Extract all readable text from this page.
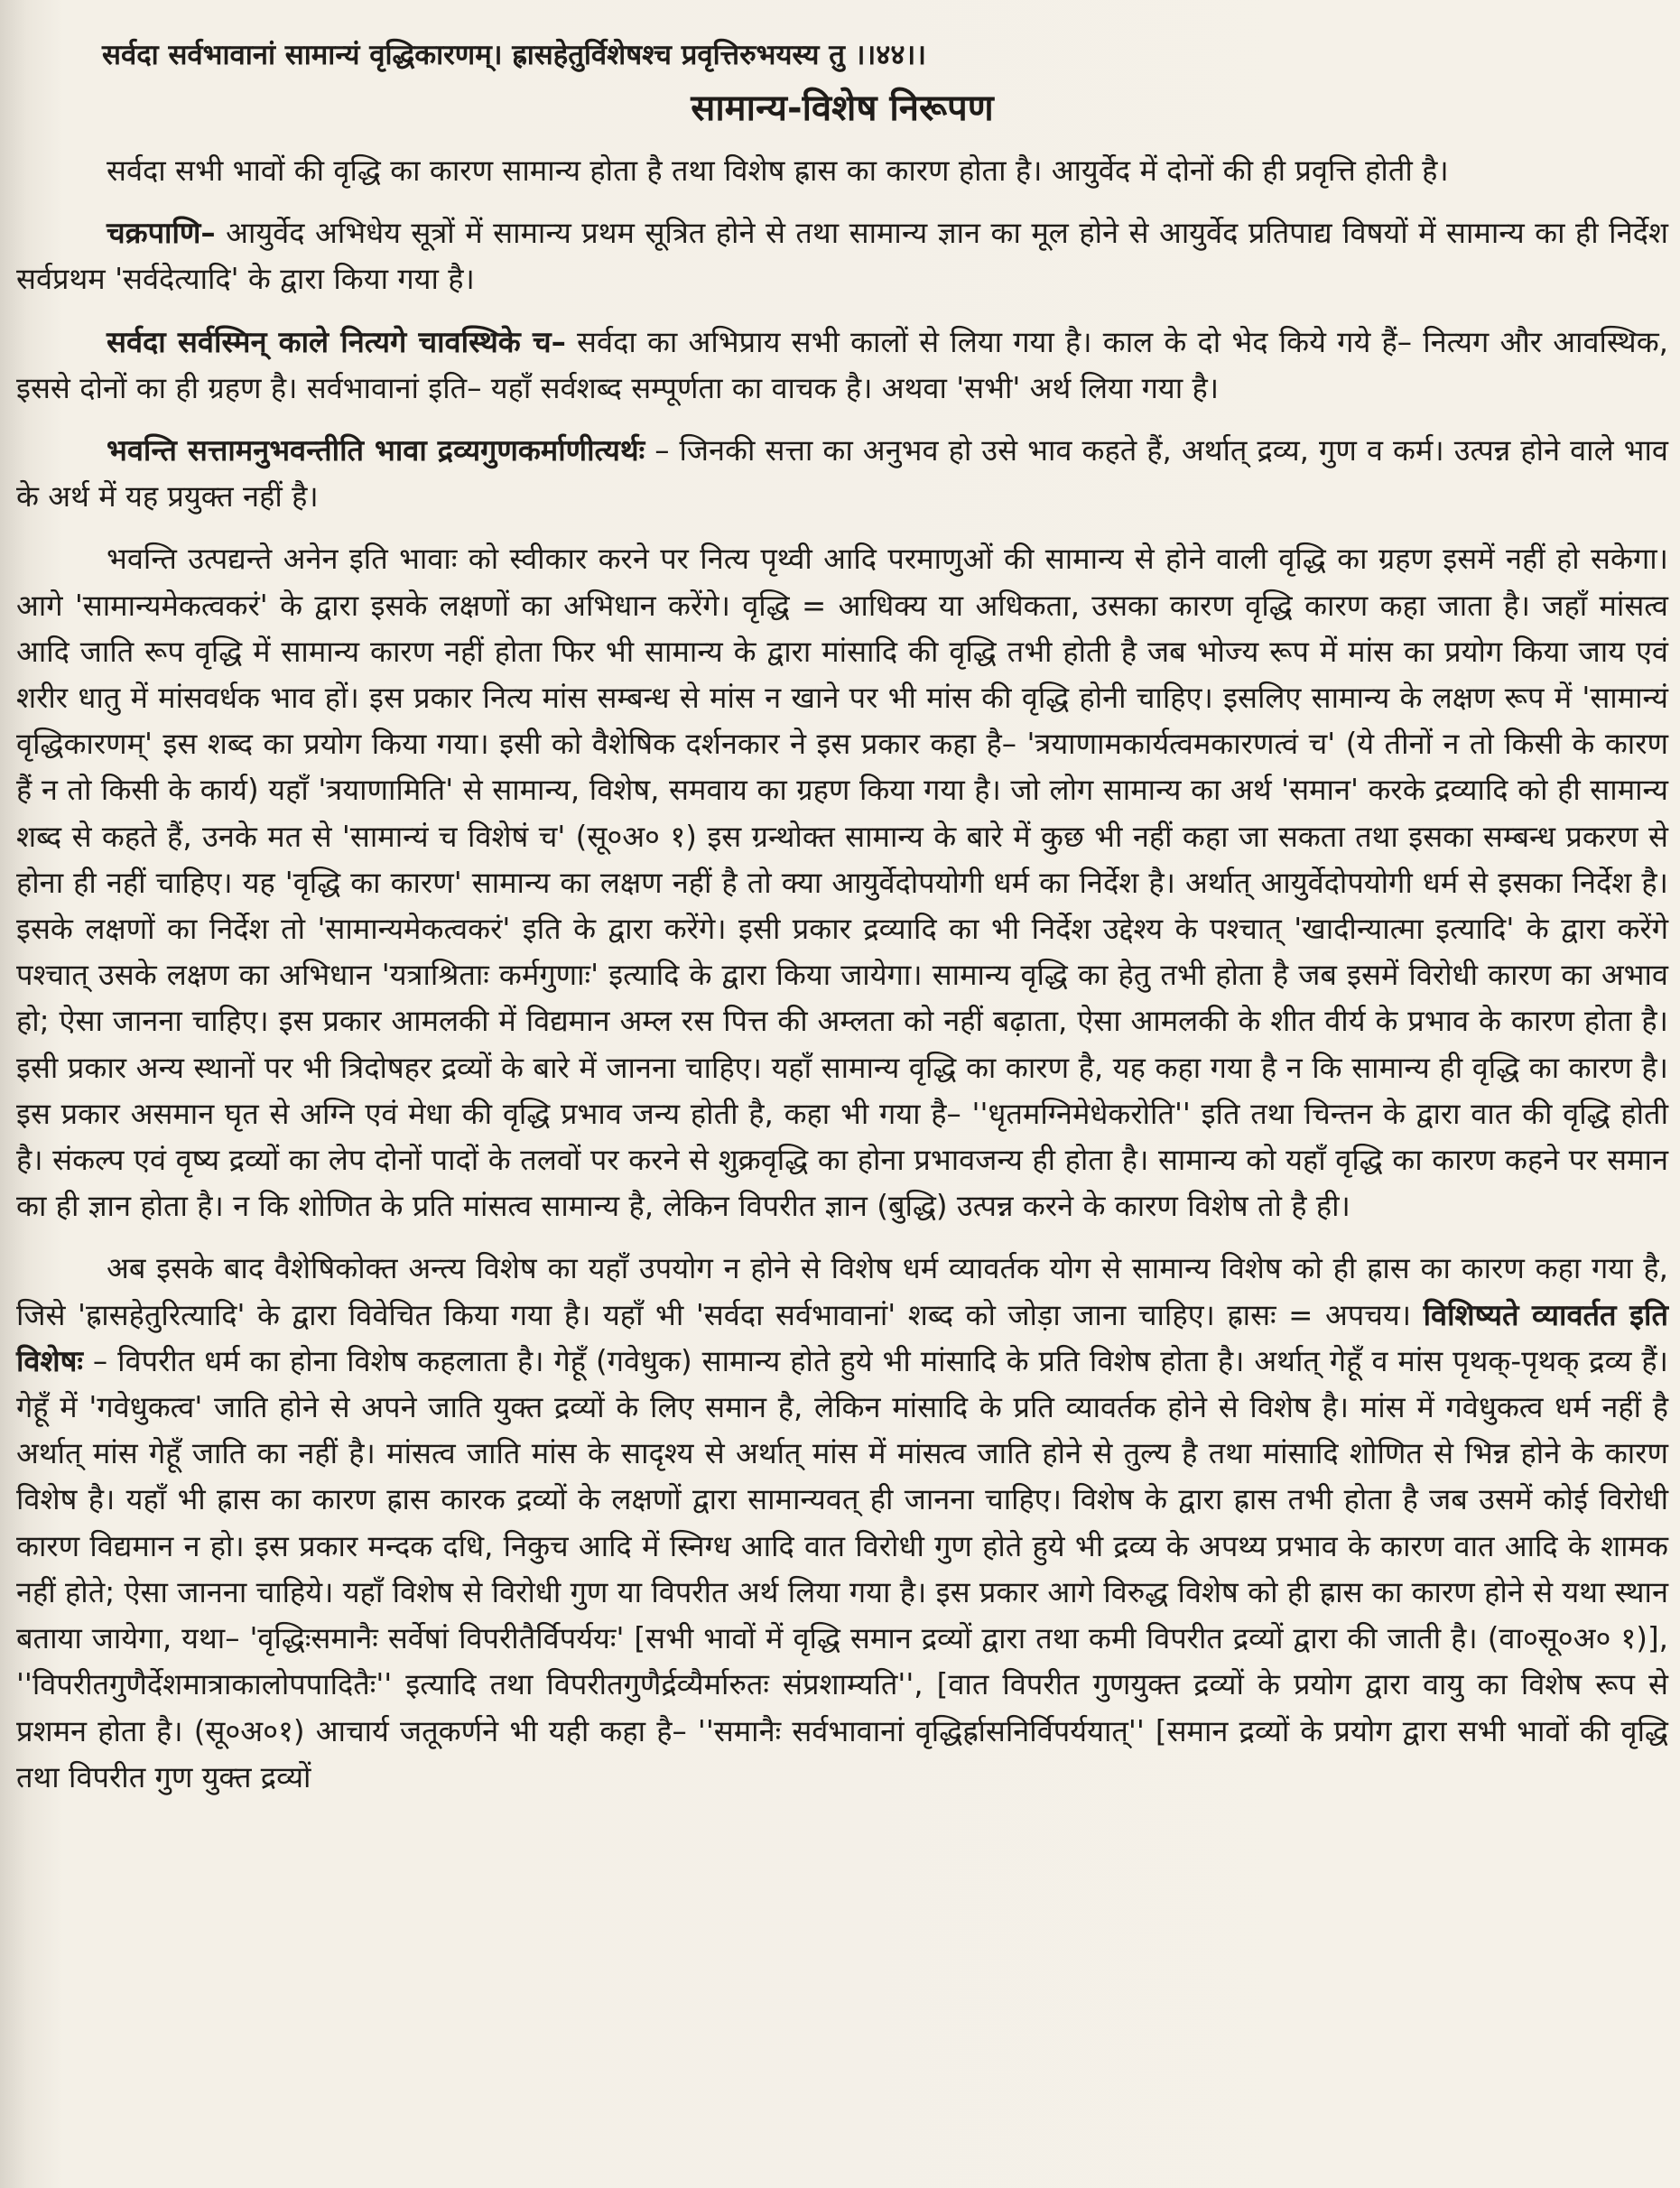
सर्वदा सर्वभावानां सामान्यं वृद्धिकारणम्। ह्रासहेतुर्विशेषश्च प्रवृत्तिरुभयस्य तु ।।४४।।
सामान्य-विशेष निरूपण

सर्वदा सभी भावों की वृद्धि का कारण सामान्य होता है तथा विशेष ह्रास का कारण होता है। आयुर्वेद में दोनों की ही प्रवृत्ति होती है।

चक्रपाणि– आयुर्वेद अभिधेय सूत्रों में सामान्य प्रथम सूत्रित होने से तथा सामान्य ज्ञान का मूल होने से आयुर्वेद प्रतिपाद्य विषयों में सामान्य का ही निर्देश सर्वप्रथम 'सर्वदेत्यादि' के द्वारा किया गया है।

सर्वदा सर्वस्मिन् काले नित्यगे चावस्थिके च– सर्वदा का अभिप्राय सभी कालों से लिया गया है। काल के दो भेद किये गये हैं– नित्यग और आवस्थिक, इससे दोनों का ही ग्रहण है। सर्वभावानां इति– यहाँ सर्वशब्द सम्पूर्णता का वाचक है। अथवा 'सभी' अर्थ लिया गया है।

भवन्ति सत्तामनुभवन्तीति भावा द्रव्यगुणकर्माणीत्यर्थः – जिनकी सत्ता का अनुभव हो उसे भाव कहते हैं, अर्थात् द्रव्य, गुण व कर्म। उत्पन्न होने वाले भाव के अर्थ में यह प्रयुक्त नहीं है।

भवन्ति उत्पद्यन्ते अनेन इति भावाः को स्वीकार करने पर नित्य पृथ्वी आदि परमाणुओं की सामान्य से होने वाली वृद्धि का ग्रहण इसमें नहीं हो सकेगा। आगे 'सामान्यमेकत्वकरं' के द्वारा इसके लक्षणों का अभिधान करेंगे। वृद्धि = आधिक्य या अधिकता, उसका कारण वृद्धि कारण कहा जाता है। जहाँ मांसत्व आदि जाति रूप वृद्धि में सामान्य कारण नहीं होता फिर भी सामान्य के द्वारा मांसादि की वृद्धि तभी होती है जब भोज्य रूप में मांस का प्रयोग किया जाय एवं शरीर धातु में मांसवर्धक भाव हों। इस प्रकार नित्य मांस सम्बन्ध से मांस न खाने पर भी मांस की वृद्धि होनी चाहिए। इसलिए सामान्य के लक्षण रूप में 'सामान्यं वृद्धिकारणम्' इस शब्द का प्रयोग किया गया। इसी को वैशेषिक दर्शनकार ने इस प्रकार कहा है– 'त्रयाणामकार्यत्वमकारणत्वं च' (ये तीनों न तो किसी के कारण हैं न तो किसी के कार्य) यहाँ 'त्रयाणामिति' से सामान्य, विशेष, समवाय का ग्रहण किया गया है। जो लोग सामान्य का अर्थ 'समान' करके द्रव्यादि को ही सामान्य शब्द से कहते हैं, उनके मत से 'सामान्यं च विशेषं च' (सू०अ० १) इस ग्रन्थोक्त सामान्य के बारे में कुछ भी नहीं कहा जा सकता तथा इसका सम्बन्ध प्रकरण से होना ही नहीं चाहिए। यह 'वृद्धि का कारण' सामान्य का लक्षण नहीं है तो क्या आयुर्वेदोपयोगी धर्म का निर्देश है। अर्थात् आयुर्वेदोपयोगी धर्म से इसका निर्देश है। इसके लक्षणों का निर्देश तो 'सामान्यमेकत्वकरं' इति के द्वारा करेंगे। इसी प्रकार द्रव्यादि का भी निर्देश उद्देश्य के पश्चात् 'खादीन्यात्मा इत्यादि' के द्वारा करेंगे पश्चात् उसके लक्षण का अभिधान 'यत्राश्रिताः कर्मगुणाः' इत्यादि के द्वारा किया जायेगा। सामान्य वृद्धि का हेतु तभी होता है जब इसमें विरोधी कारण का अभाव हो; ऐसा जानना चाहिए। इस प्रकार आमलकी में विद्यमान अम्ल रस पित्त की अम्लता को नहीं बढ़ाता, ऐसा आमलकी के शीत वीर्य के प्रभाव के कारण होता है। इसी प्रकार अन्य स्थानों पर भी त्रिदोषहर द्रव्यों के बारे में जानना चाहिए। यहाँ सामान्य वृद्धि का कारण है, यह कहा गया है न कि सामान्य ही वृद्धि का कारण है। इस प्रकार असमान घृत से अग्नि एवं मेधा की वृद्धि प्रभाव जन्य होती है, कहा भी गया है– ''धृतमग्निमेधेकरोति'' इति तथा चिन्तन के द्वारा वात की वृद्धि होती है। संकल्प एवं वृष्य द्रव्यों का लेप दोनों पादों के तलवों पर करने से शुक्रवृद्धि का होना प्रभावजन्य ही होता है। सामान्य को यहाँ वृद्धि का कारण कहने पर समान का ही ज्ञान होता है। न कि शोणित के प्रति मांसत्व सामान्य है, लेकिन विपरीत ज्ञान (बुद्धि) उत्पन्न करने के कारण विशेष तो है ही।

अब इसके बाद वैशेषिकोक्त अन्त्य विशेष का यहाँ उपयोग न होने से विशेष धर्म व्यावर्तक योग से सामान्य विशेष को ही ह्रास का कारण कहा गया है, जिसे 'ह्रासहेतुरित्यादि' के द्वारा विवेचित किया गया है। यहाँ भी 'सर्वदा सर्वभावानां' शब्द को जोड़ा जाना चाहिए। ह्रासः = अपचय। विशिष्यते व्यावर्तत इति विशेषः – विपरीत धर्म का होना विशेष कहलाता है। गेहूँ (गवेधुक) सामान्य होते हुये भी मांसादि के प्रति विशेष होता है। अर्थात् गेहूँ व मांस पृथक्-पृथक् द्रव्य हैं। गेहूँ में 'गवेधुकत्व' जाति होने से अपने जाति युक्त द्रव्यों के लिए समान है, लेकिन मांसादि के प्रति व्यावर्तक होने से विशेष है। मांस में गवेधुकत्व धर्म नहीं है अर्थात् मांस गेहूँ जाति का नहीं है। मांसत्व जाति मांस के सादृश्य से अर्थात् मांस में मांसत्व जाति होने से तुल्य है तथा मांसादि शोणित से भिन्न होने के कारण विशेष है। यहाँ भी ह्रास का कारण ह्रास कारक द्रव्यों के लक्षणों द्वारा सामान्यवत् ही जानना चाहिए। विशेष के द्वारा ह्रास तभी होता है जब उसमें कोई विरोधी कारण विद्यमान न हो। इस प्रकार मन्दक दधि, निकुच आदि में स्निग्ध आदि वात विरोधी गुण होते हुये भी द्रव्य के अपथ्य प्रभाव के कारण वात आदि के शामक नहीं होते; ऐसा जानना चाहिये। यहाँ विशेष से विरोधी गुण या विपरीत अर्थ लिया गया है। इस प्रकार आगे विरुद्ध विशेष को ही ह्रास का कारण होने से यथा स्थान बताया जायेगा, यथा– 'वृद्धिःसमानैः सर्वेषां विपरीतैर्विपर्ययः' [सभी भावों में वृद्धि समान द्रव्यों द्वारा तथा कमी विपरीत द्रव्यों द्वारा की जाती है। (वा०सू०अ० १)], ''विपरीतगुणैर्देशमात्राकालोपपादितैः'' इत्यादि तथा विपरीतगुणैर्द्रव्यैर्मारुतः संप्रशाम्यति'', [वात विपरीत गुणयुक्त द्रव्यों के प्रयोग द्वारा वायु का विशेष रूप से प्रशमन होता है। (सू०अ०१) आचार्य जतूकर्णने भी यही कहा है– ''समानैः सर्वभावानां वृद्धिर्ह्रासनिर्विपर्ययात्'' [समान द्रव्यों के प्रयोग द्वारा सभी भावों की वृद्धि तथा विपरीत गुण युक्त द्रव्यों
